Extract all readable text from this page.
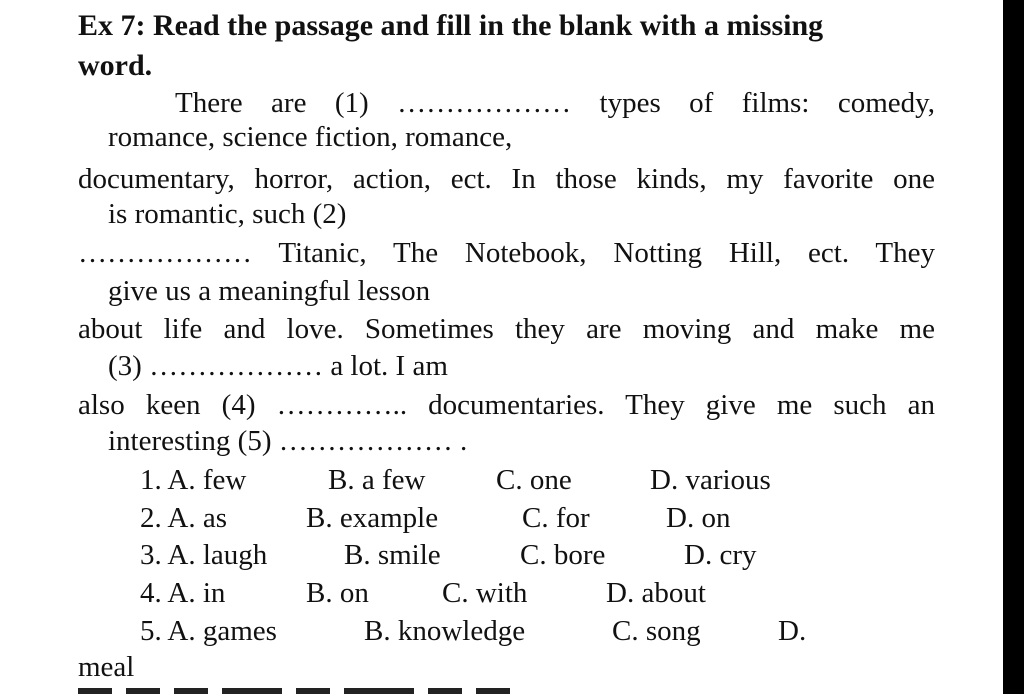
Ex 7: Read the passage and fill in the blank with a missing
word.
There are (1) ……………… types of films: comedy,
romance, science fiction, romance,
documentary, horror, action, ect. In those kinds, my favorite one
is romantic, such (2)
……………… Titanic, The Notebook, Notting Hill, ect. They
give us a meaningful lesson
about life and love. Sometimes they are moving and make me
(3) ……………… a lot. I am
also keen (4) ………….. documentaries. They give me such an
interesting (5) ……………… .
1. A. few	B. a few C. one	D. various
2. A. as	B. example	C. for	D. on
3. A. laugh	B. smile	C. bore	D. cry
4. A. in	B. on	C. with	D. about
5. A. games	B. knowledge	C. song	D.
meal
